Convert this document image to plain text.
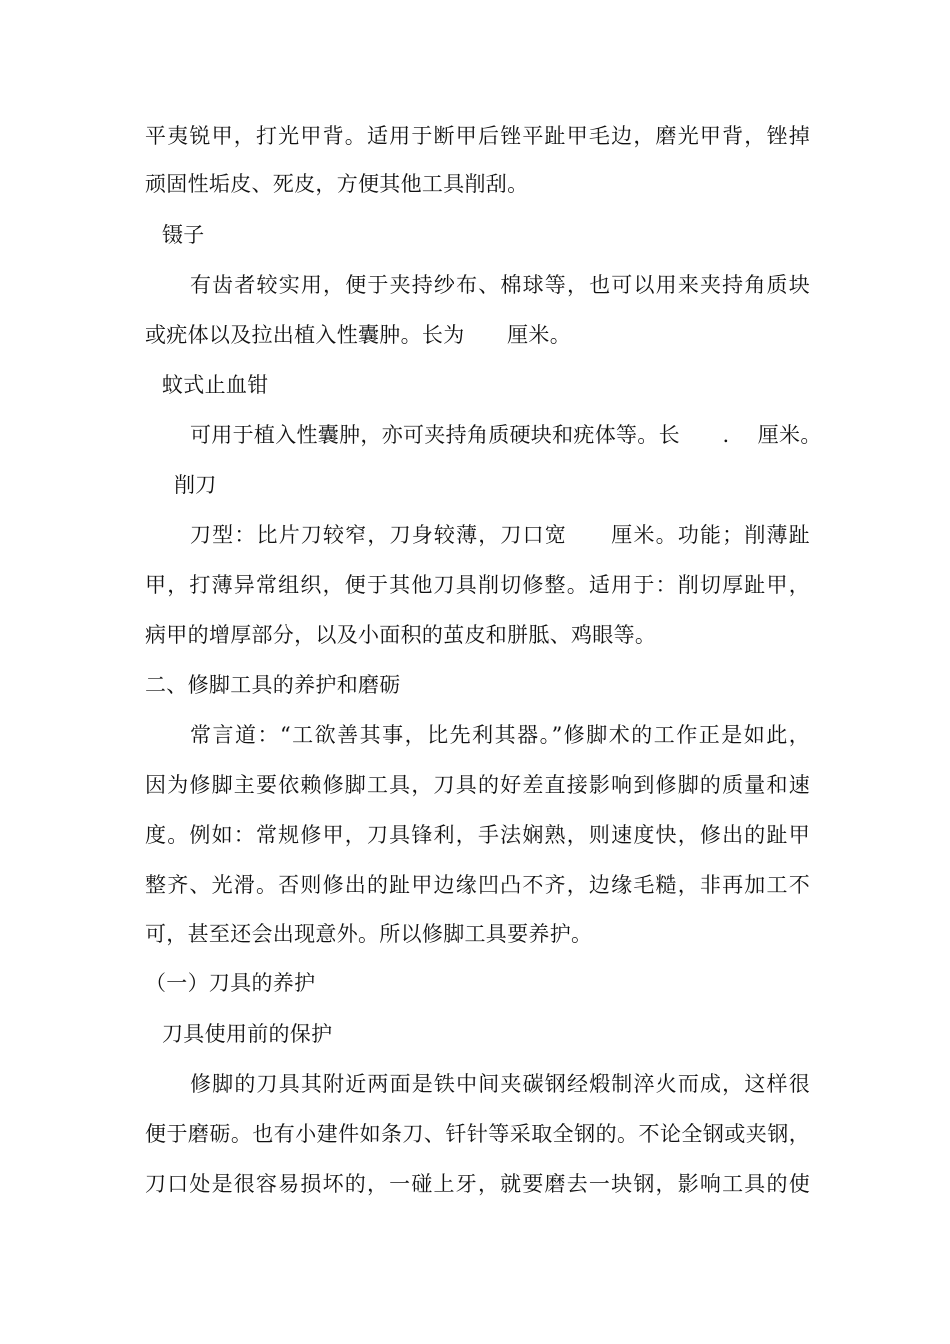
平夷锐甲，打光甲背。适用于断甲后锉平趾甲毛边，磨光甲背，锉掉
顽固性垢皮、死皮，方便其他工具削刮。
镊子
有齿者较实用，便于夹持纱布、棉球等，也可以用来夹持角质块
或疣体以及拉出植入性囊肿。长为　　厘米。
蚊式止血钳
可用于植入性囊肿，亦可夹持角质硬块和疣体等。长　　.　 厘米。
削刀
刀型：比片刀较窄，刀身较薄，刀口宽　　厘米。功能；削薄趾
甲，打薄异常组织，便于其他刀具削切修整。适用于：削切厚趾甲，
病甲的增厚部分，以及小面积的茧皮和胼胝、鸡眼等。
二、修脚工具的养护和磨砺
常言道：“工欲善其事，比先利其器。”修脚术的工作正是如此，
因为修脚主要依赖修脚工具，刀具的好差直接影响到修脚的质量和速
度。例如：常规修甲，刀具锋利，手法娴熟，则速度快，修出的趾甲
整齐、光滑。否则修出的趾甲边缘凹凸不齐，边缘毛糙，非再加工不
可，甚至还会出现意外。所以修脚工具要养护。
（一）刀具的养护
刀具使用前的保护
修脚的刀具其附近两面是铁中间夹碳钢经煅制淬火而成，这样很
便于磨砺。也有小建件如条刀、钎针等采取全钢的。不论全钢或夹钢，
刀口处是很容易损坏的，一碰上牙，就要磨去一块钢，影响工具的使
